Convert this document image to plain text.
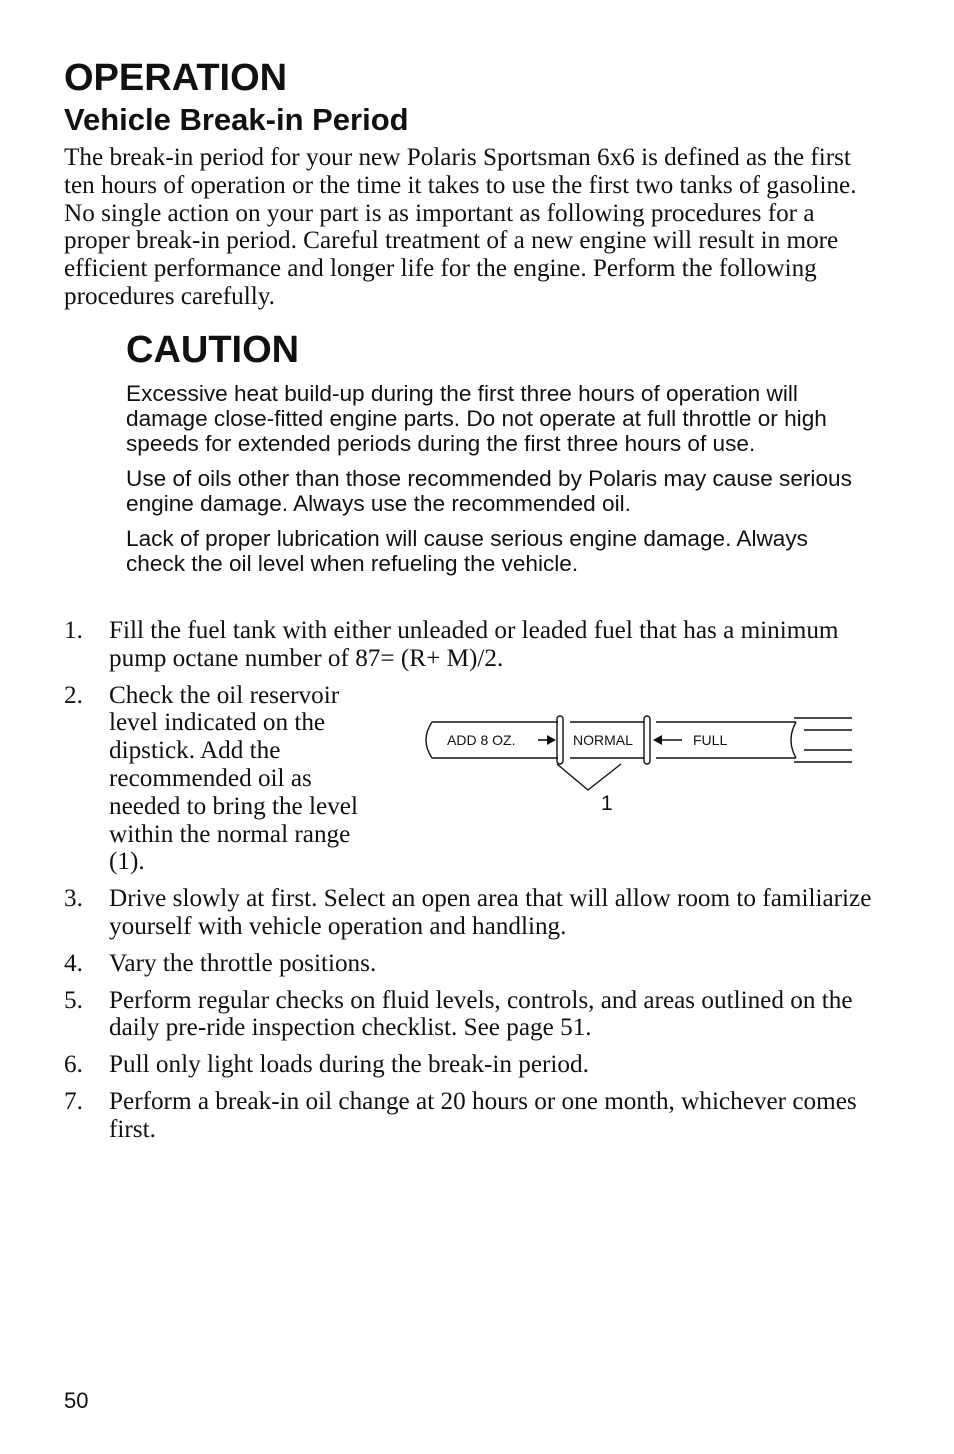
OPERATION
Vehicle Break-in Period

The break-in period for your new Polaris Sportsman 6x6 is defined as the first ten hours of operation or the time it takes to use the first two tanks of gasoline. No single action on your part is as important as following procedures for a proper break-in period. Careful treatment of a new engine will result in more efficient performance and longer life for the engine. Perform the following procedures carefully.

CAUTION

Excessive heat build-up during the first three hours of operation will damage close-fitted engine parts. Do not operate at full throttle or high speeds for extended periods during the first three hours of use.

Use of oils other than those recommended by Polaris may cause serious engine damage. Always use the recommended oil.

Lack of proper lubrication will cause serious engine damage. Always check the oil level when refueling the vehicle.

1. Fill the fuel tank with either unleaded or leaded fuel that has a minimum pump octane number of 87= (R+ M)/2.
2. Check the oil reservoir level indicated on the dipstick. Add the recommended oil as needed to bring the level within the normal range (1).
3. Drive slowly at first. Select an open area that will allow room to familiarize yourself with vehicle operation and handling.
4. Vary the throttle positions.
5. Perform regular checks on fluid levels, controls, and areas outlined on the daily pre-ride inspection checklist. See page 51.
6. Pull only light loads during the break-in period.
7. Perform a break-in oil change at 20 hours or one month, whichever comes first.
ADD 8 OZ.	NORMAL	FULL
1

50
